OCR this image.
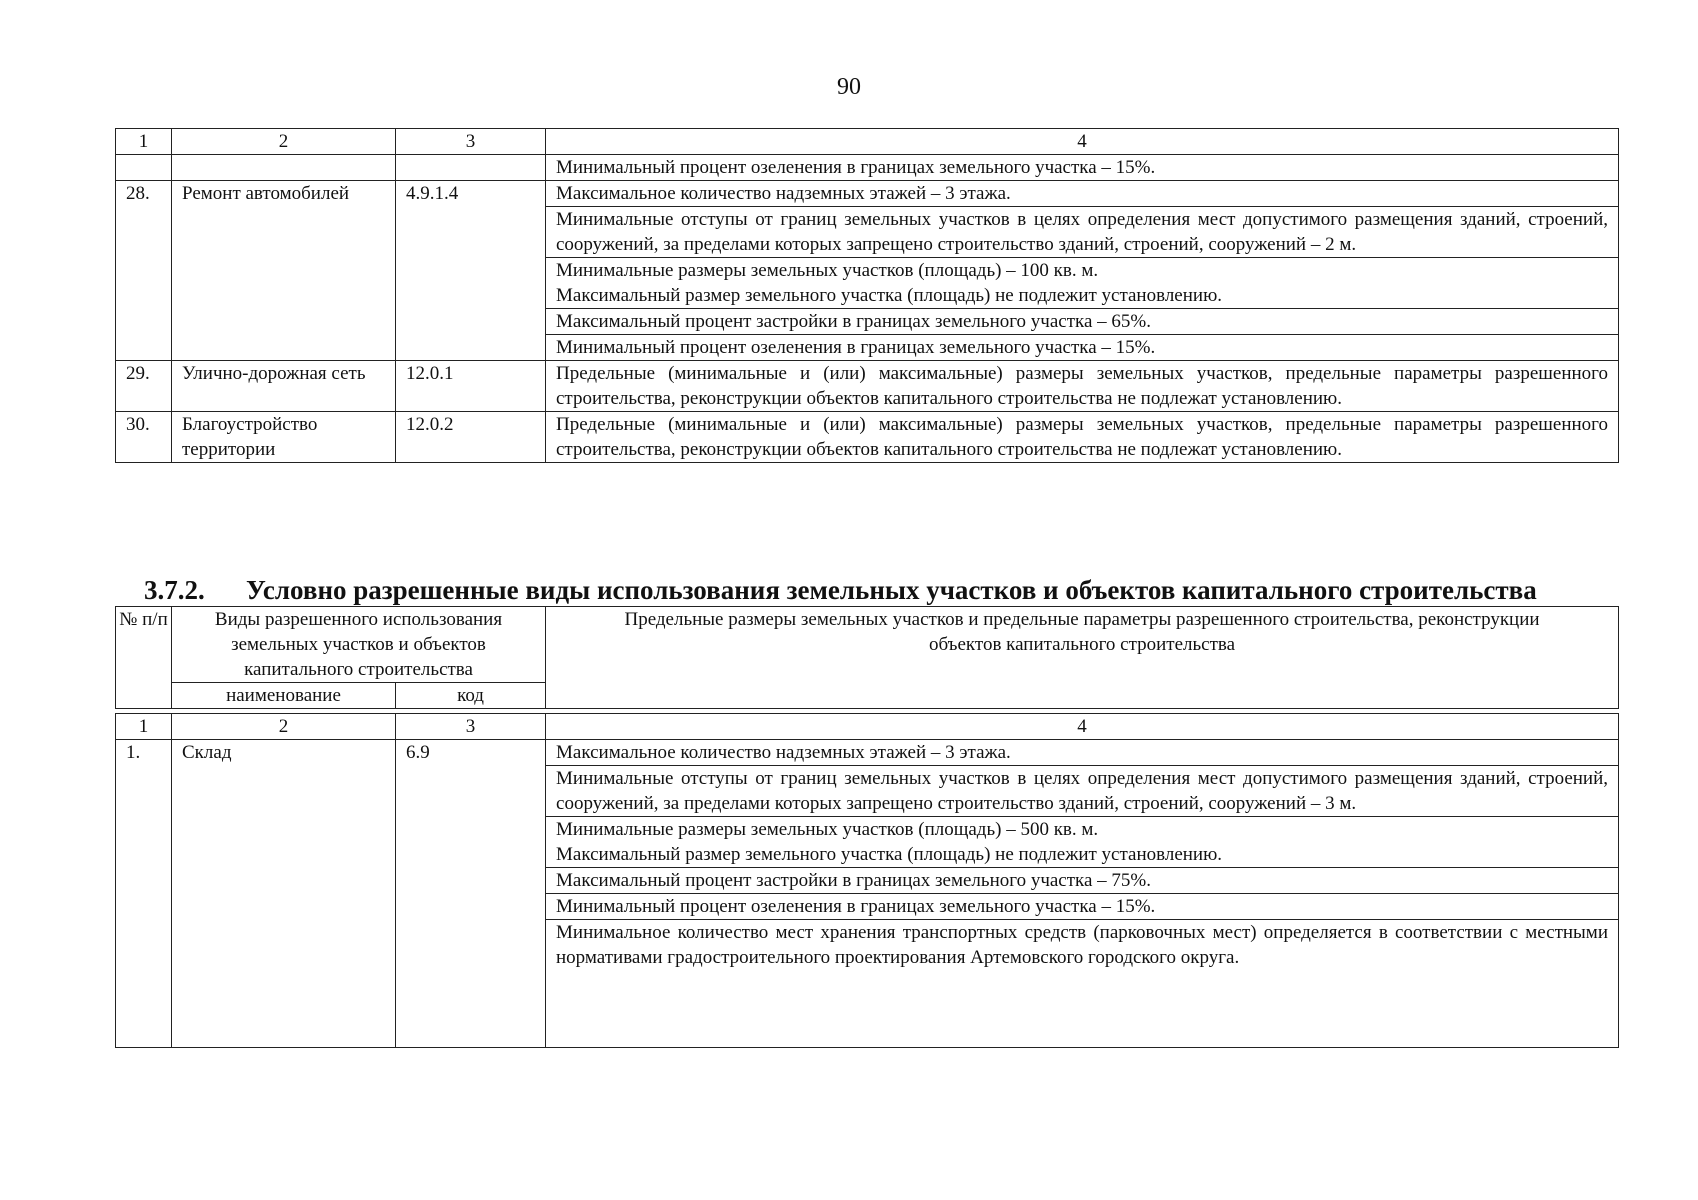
90
1	2	3	4
			Минимальный процент озеленения в границах земельного участка – 15%.
28.	Ремонт автомобилей	4.9.1.4	Максимальное количество надземных этажей – 3 этажа.
			Минимальные отступы от границ земельных участков в целях определения мест допустимого размещения зданий, строений, сооружений, за пределами которых запрещено строительство зданий, строений, сооружений – 2 м.

			Минимальные размеры земельных участков (площадь) – 100 кв. м.
Максимальный размер земельного участка (площадь) не подлежит установлению.

			Максимальный процент застройки в границах земельного участка – 65%.
			Минимальный процент озеленения в границах земельного участка – 15%.
29.	Улично-дорожная сеть	12.0.1	Предельные (минимальные и (или) максимальные) размеры земельных участков, предельные параметры разрешенного строительства, реконструкции объектов капитального строительства не подлежат установлению.
30.	Благоустройство территории	12.0.2	Предельные (минимальные и (или) максимальные) размеры земельных участков, предельные параметры разрешенного строительства, реконструкции объектов капитального строительства не подлежат установлению.
3.7.2. Условно разрешенные виды использования земельных участков и объектов капитального строительства
№ п/п	Виды разрешенного использования земельных участков и объектов капитального строительства		Предельные размеры земельных участков и предельные параметры разрешенного строительства, реконструкции объектов капитального строительства
	наименование	код	

1	2	3	4
1.	Склад	6.9	Максимальное количество надземных этажей – 3 этажа.
			Минимальные отступы от границ земельных участков в целях определения мест допустимого размещения зданий, строений, сооружений, за пределами которых запрещено строительство зданий, строений, сооружений – 3 м.

			Минимальные размеры земельных участков (площадь) – 500 кв. м.
Максимальный размер земельного участка (площадь) не подлежит установлению.

			Максимальный процент застройки в границах земельного участка – 75%.
			Минимальный процент озеленения в границах земельного участка – 15%.
			Минимальное количество мест хранения транспортных средств (парковочных мест) определяется в соответствии с местными нормативами градостроительного проектирования Артемовского городского округа.
